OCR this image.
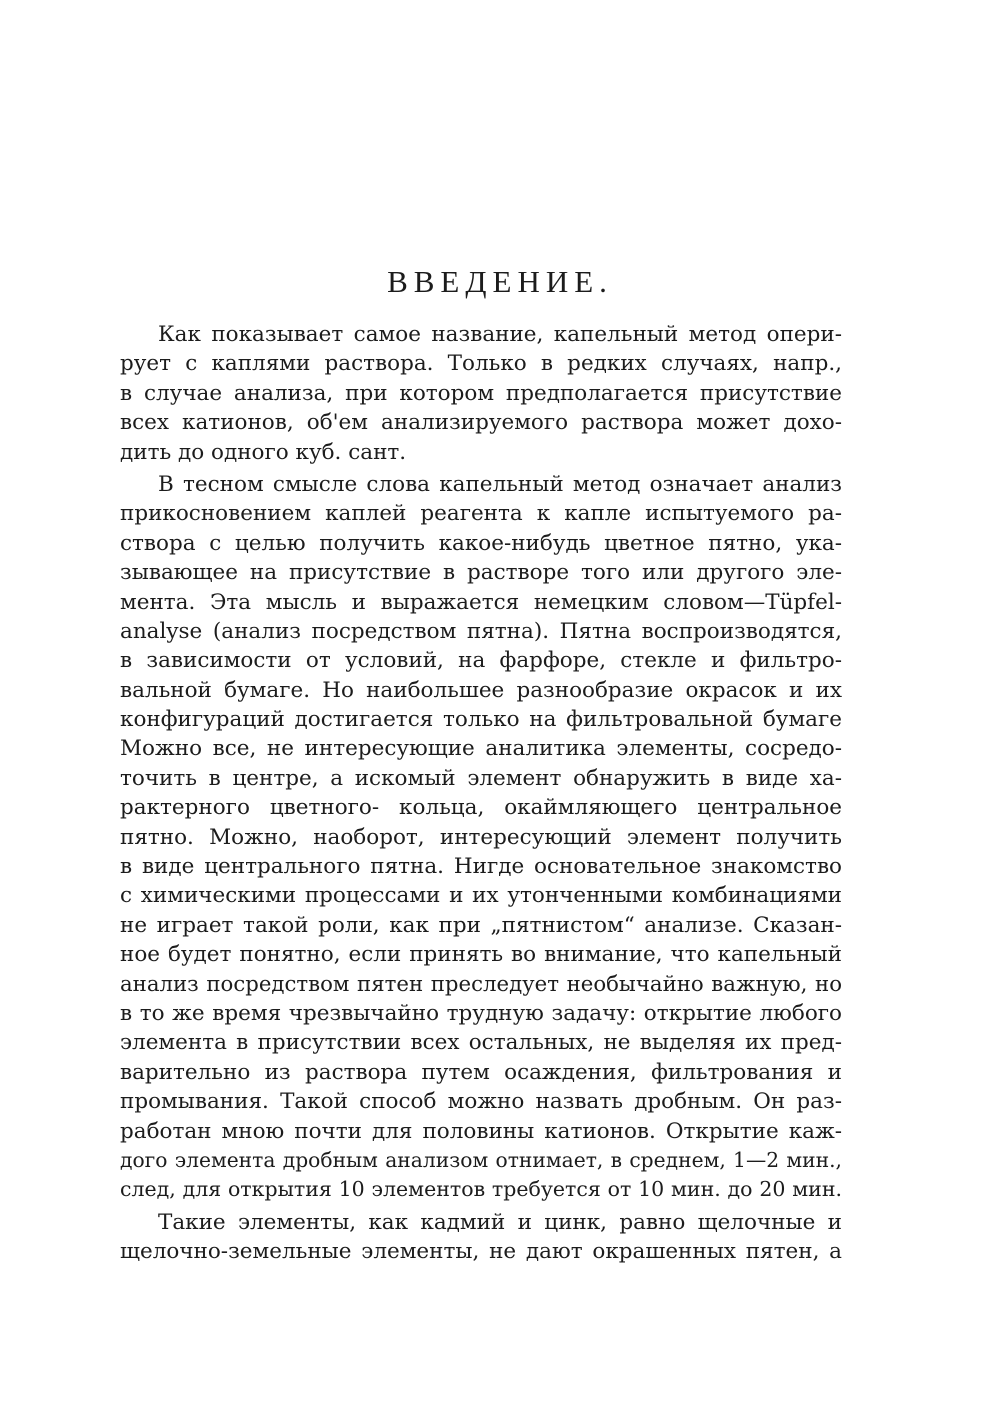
ВВЕДЕНИЕ.
Как показывает самое название, капельный метод опери-
рует с каплями раствора. Только в редких случаях, напр.,
в случае анализа, при котором предполагается присутствие
всех катионов, об'ем анализируемого раствора может дохо-
дить до одного куб. сант.
В тесном смысле слова капельный метод означает анализ
прикосновением каплей реагента к капле испытуемого ра-
створа с целью получить какое-нибудь цветное пятно, ука-
зывающее на присутствие в растворе того или другого эле-
мента. Эта мысль и выражается немецким словом—Tüpfel-
analyse (анализ посредством пятна). Пятна воспроизводятся,
в зависимости от условий, на фарфоре, стекле и фильтро-
вальной бумаге. Но наибольшее разнообразие окрасок и их
конфигураций достигается только на фильтровальной бумаге
Можно все, не интересующие аналитика элементы, сосредо-
точить в центре, а искомый элемент обнаружить в виде ха-
рактерного цветного- кольца, окаймляющего центральное
пятно. Можно, наоборот, интересующий элемент получить
в виде центрального пятна. Нигде основательное знакомство
с химическими процессами и их утонченными комбинациями
не играет такой роли, как при „пятнистом“ анализе. Сказан-
ное будет понятно, если принять во внимание, что капельный
анализ посредством пятен преследует необычайно важную, но
в то же время чрезвычайно трудную задачу: открытие любого
элемента в присутствии всех остальных, не выделяя их пред-
варительно из раствора путем осаждения, фильтрования и
промывания. Такой способ можно назвать дробным. Он раз-
работан мною почти для половины катионов. Открытие каж-
дого элемента дробным анализом отнимает, в среднем, 1—2 мин.,
след, для открытия 10 элементов требуется от 10 мин. до 20 мин.
Такие элементы, как кадмий и цинк, равно щелочные и
щелочно-земельные элементы, не дают окрашенных пятен, а
